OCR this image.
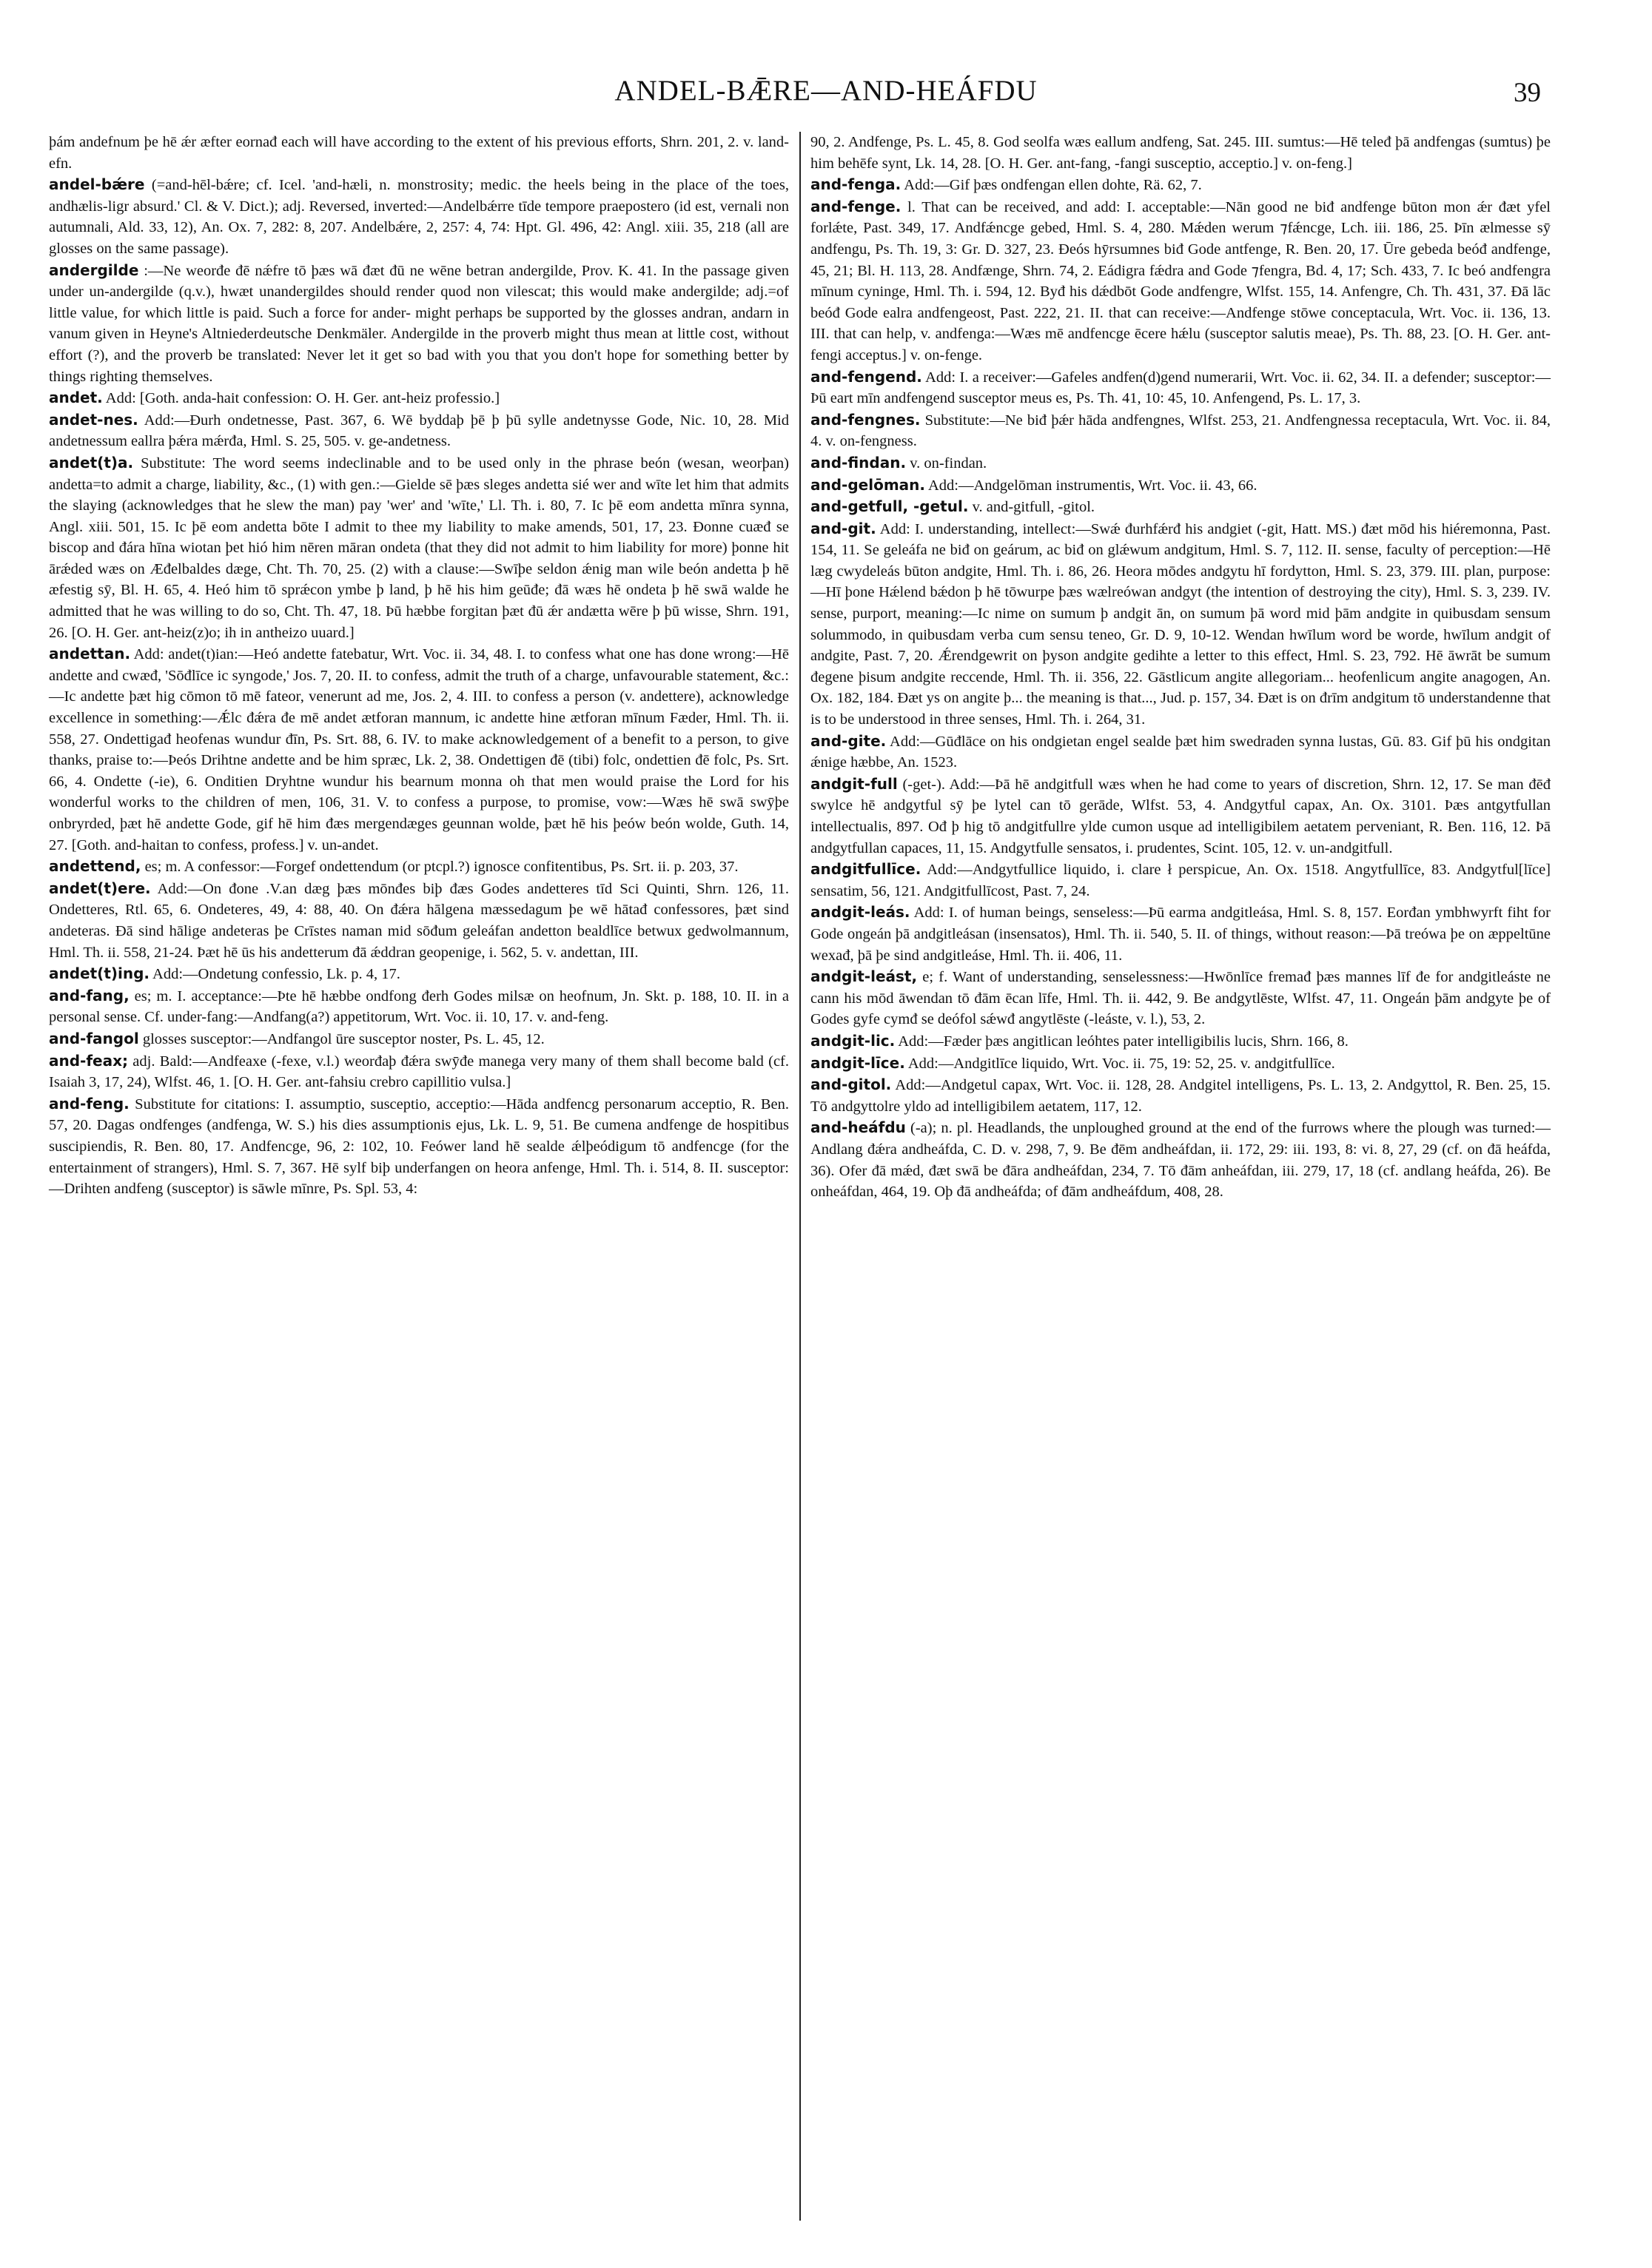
ANDEL-BǢRE—AND-HEÁFDU	39

þám andefnum þe hē ǽr æfter eornađ each will have according to the extent of his previous efforts, Shrn. 201, 2. v. land-efn.

andel-bǽre (=and-hēl-bǽre; cf. Icel. 'and-hæli, n. monstrosity; medic. the heels being in the place of the toes, andhælis-ligr absurd.' Cl. & V. Dict.); adj. Reversed, inverted:—Andelbǽrre tīde tempore praepostero (id est, vernali non autumnali, Ald. 33, 12), An. Ox. 7, 282: 8, 207. Andelbǽre, 2, 257: 4, 74: Hpt. Gl. 496, 42: Angl. xiii. 35, 218 (all are glosses on the same passage).

andergilde :—Ne weorđe đē nǽfre tō þæs wā đæt đū ne wēne betran andergilde, Prov. K. 41. In the passage given under un-andergilde (q.v.), hwæt unandergildes should render quod non vilescat; this would make andergilde; adj.=of little value, for which little is paid. Such a force for ander- might perhaps be supported by the glosses andran, andarn in vanum given in Heyne's Altniederdeutsche Denkmäler. Andergilde in the proverb might thus mean at little cost, without effort (?), and the proverb be translated: Never let it get so bad with you that you don't hope for something better by things righting themselves.

andet. Add: [Goth. anda-hait confession: O. H. Ger. ant-heiz professio.]

andet-nes. Add:—Đurh ondetnesse, Past. 367, 6. Wē byddaþ þē þ þū sylle andetnysse Gode, Nic. 10, 28. Mid andetnessum eallra þǽra mǽrđa, Hml. S. 25, 505. v. ge-andetness.

andet(t)a. Substitute: The word seems indeclinable and to be used only in the phrase beón (wesan, weorþan) andetta=to admit a charge, liability, &c., (1) with gen.:—Gielde sē þæs sleges andetta sié wer and wīte let him that admits the slaying (acknowledges that he slew the man) pay 'wer' and 'wīte,' Ll. Th. i. 80, 7. Ic þē eom andetta mīnra synna, Angl. xiii. 501, 15. Ic þē eom andetta bōte I admit to thee my liability to make amends, 501, 17, 23. Đonne cuæđ se biscop and đára hīna wiotan þet hió him nēren māran ondeta (that they did not admit to him liability for more) þonne hit ārǽded wæs on Æđelbaldes dæge, Cht. Th. 70, 25. (2) with a clause:—Swīþe seldon ǽnig man wile beón andetta þ hē æfestig sȳ, Bl. H. 65, 4. Heó him tō sprǽcon ymbe þ land, þ hē his him geūđe; đā wæs hē ondeta þ hē swā walde he admitted that he was willing to do so, Cht. Th. 47, 18. Þū hæbbe forgitan þæt đū ǽr andætta wēre þ þū wisse, Shrn. 191, 26. [O. H. Ger. ant-heiz(z)o; ih in antheizo uuard.]

andettan. Add: andet(t)ian:—Heó andette fatebatur, Wrt. Voc. ii. 34, 48. I. to confess what one has done wrong:—Hē andette and cwæđ, 'Sōđlīce ic syngode,' Jos. 7, 20. II. to confess, admit the truth of a charge, unfavourable statement, &c.:—Ic andette þæt hig cōmon tō mē fateor, venerunt ad me, Jos. 2, 4. III. to confess a person (v. andettere), acknowledge excellence in something:—Ǽlc đǽra đe mē andet ætforan mannum, ic andette hine ætforan mīnum Fæder, Hml. Th. ii. 558, 27. Ondettigađ heofenas wundur đīn, Ps. Srt. 88, 6. IV. to make acknowledgement of a benefit to a person, to give thanks, praise to:—Þeós Drihtne andette and be him spræc, Lk. 2, 38. Ondettigen đē (tibi) folc, ondettien đē folc, Ps. Srt. 66, 4. Ondette (-ie), 6. Onditien Dryhtne wundur his bearnum monna oh that men would praise the Lord for his wonderful works to the children of men, 106, 31. V. to confess a purpose, to promise, vow:—Wæs hē swā swȳþe onbryrded, þæt hē andette Gode, gif hē him đæs mergendæges geunnan wolde, þæt hē his þeów beón wolde, Guth. 14, 27. [Goth. and-haitan to confess, profess.] v. un-andet.

andettend, es; m. A confessor:—Forgef ondettendum (or ptcpl.?) ignosce confitentibus, Ps. Srt. ii. p. 203, 37.

andet(t)ere. Add:—On đone .V.an dæg þæs mōnđes biþ đæs Godes andetteres tīd Sci Quinti, Shrn. 126, 11. Ondetteres, Rtl. 65, 6. Ondeteres, 49, 4: 88, 40. On đǽra hālgena mæssedagum þe wē hātađ confessores, þæt sind andeteras. Đā sind hālige andeteras þe Crīstes naman mid sōđum geleáfan andetton bealdlīce betwux gedwolmannum, Hml. Th. ii. 558, 21-24. Þæt hē ūs his andetterum đā ǽddran geopenige, i. 562, 5. v. andettan, III.

andet(t)ing. Add:—Ondetung confessio, Lk. p. 4, 17.

and-fang, es; m. I. acceptance:—Þte hē hæbbe ondfong đerh Godes milsæ on heofnum, Jn. Skt. p. 188, 10. II. in a personal sense. Cf. under-fang:—Andfang(a?) appetitorum, Wrt. Voc. ii. 10, 17. v. and-feng.

and-fangol glosses susceptor:—Andfangol ūre susceptor noster, Ps. L. 45, 12.

and-feax; adj. Bald:—Andfeaxe (-fexe, v.l.) weorđaþ đǽra swȳđe manega very many of them shall become bald (cf. Isaiah 3, 17, 24), Wlfst. 46, 1. [O. H. Ger. ant-fahsiu crebro capillitio vulsa.]

and-feng. Substitute for citations: I. assumptio, susceptio, acceptio:—Hāda andfencg personarum acceptio, R. Ben. 57, 20. Dagas ondfenges (andfenga, W. S.) his dies assumptionis ejus, Lk. L. 9, 51. Be cumena andfenge de hospitibus suscipiendis, R. Ben. 80, 17. Andfencge, 96, 2: 102, 10. Feówer land hē sealde ǽlþeódigum tō andfencge (for the entertainment of strangers), Hml. S. 7, 367. Hē sylf biþ underfangen on heora anfenge, Hml. Th. i. 514, 8. II. susceptor:—Drihten andfeng (susceptor) is sāwle mīnre, Ps. Spl. 53, 4:

90, 2. Andfenge, Ps. L. 45, 8. God seolfa wæs eallum andfeng, Sat. 245. III. sumtus:—Hē teleđ þā andfengas (sumtus) þe him behēfe synt, Lk. 14, 28. [O. H. Ger. ant-fang, -fangi susceptio, acceptio.] v. on-feng.]

and-fenga. Add:—Gif þæs ondfengan ellen dohte, Rä. 62, 7.

and-fenge. l. That can be received, and add: I. acceptable:—Nān good ne biđ andfenge būton mon ǽr đæt yfel forlǽte, Past. 349, 17. Andfǽncge gebed, Hml. S. 4, 280. Mǽden werum ⁊fǽncge, Lch. iii. 186, 25. Þīn ælmesse sȳ andfengu, Ps. Th. 19, 3: Gr. D. 327, 23. Đeós hȳrsumnes biđ Gode antfenge, R. Ben. 20, 17. Ūre gebeda beóđ andfenge, 45, 21; Bl. H. 113, 28. Andfænge, Shrn. 74, 2. Eádigra fǽdra and Gode ⁊fengra, Bd. 4, 17; Sch. 433, 7. Ic beó andfengra mīnum cyninge, Hml. Th. i. 594, 12. Byđ his dǽdbōt Gode andfengre, Wlfst. 155, 14. Anfengre, Ch. Th. 431, 37. Đā lāc beóđ Gode ealra andfengeost, Past. 222, 21. II. that can receive:—Andfenge stōwe conceptacula, Wrt. Voc. ii. 136, 13. III. that can help, v. andfenga:—Wæs mē andfencge ēcere hǽlu (susceptor salutis meae), Ps. Th. 88, 23. [O. H. Ger. ant-fengi acceptus.] v. on-fenge.

and-fengend. Add: I. a receiver:—Gafeles andfen(d)gend numerarii, Wrt. Voc. ii. 62, 34. II. a defender; susceptor:—Þū eart mīn andfengend susceptor meus es, Ps. Th. 41, 10: 45, 10. Anfengend, Ps. L. 17, 3.

and-fengnes. Substitute:—Ne biđ þǽr hāda andfengnes, Wlfst. 253, 21. Andfengnessa receptacula, Wrt. Voc. ii. 84, 4. v. on-fengness.

and-findan. v. on-findan.

and-gelōman. Add:—Andgelōman instrumentis, Wrt. Voc. ii. 43, 66.

and-getfull, -getul. v. and-gitfull, -gitol.

and-git. Add: I. understanding, intellect:—Swǽ đurhfǽrđ his andgiet (-git, Hatt. MS.) đæt mōd his hiéremonna, Past. 154, 11. Se geleáfa ne biđ on geárum, ac biđ on glǽwum andgitum, Hml. S. 7, 112. II. sense, faculty of perception:—Hē læg cwydeleás būton andgite, Hml. Th. i. 86, 26. Heora mōdes andgytu hī fordytton, Hml. S. 23, 379. III. plan, purpose:—Hī þone Hǽlend bǽdon þ hē tōwurpe þæs wælreówan andgyt (the intention of destroying the city), Hml. S. 3, 239. IV. sense, purport, meaning:—Ic nime on sumum þ andgit ān, on sumum þā word mid þām andgite in quibusdam sensum solummodo, in quibusdam verba cum sensu teneo, Gr. D. 9, 10-12. Wendan hwīlum word be worde, hwīlum andgit of andgite, Past. 7, 20. Ǽrendgewrit on þyson andgite gedihte a letter to this effect, Hml. S. 23, 792. Hē āwrāt be sumum đegene þisum andgite reccende, Hml. Th. ii. 356, 22. Gāstlicum angite allegoriam... heofenlicum angite anagogen, An. Ox. 182, 184. Đæt ys on angite þ... the meaning is that..., Jud. p. 157, 34. Đæt is on đrīm andgitum tō understandenne that is to be understood in three senses, Hml. Th. i. 264, 31.

and-gite. Add:—Gūđlāce on his ondgietan engel sealde þæt him swedraden synna lustas, Gū. 83. Gif þū his ondgitan ǽnige hæbbe, An. 1523.

andgit-full (-get-). Add:—Þā hē andgitfull wæs when he had come to years of discretion, Shrn. 12, 17. Se man đēđ swylce hē andgytful sȳ þe lytel can tō gerāde, Wlfst. 53, 4. Andgytful capax, An. Ox. 3101. Þæs antgytfullan intellectualis, 897. Ođ þ hig tō andgitfullre ylde cumon usque ad intelligibilem aetatem perveniant, R. Ben. 116, 12. Þā andgytfullan capaces, 11, 15. Andgytfulle sensatos, i. prudentes, Scint. 105, 12. v. un-andgitfull.

andgitfullīce. Add:—Andgytfullice liquido, i. clare ł perspicue, An. Ox. 1518. Angytfullīce, 83. Andgytful[līce] sensatim, 56, 121. Andgitfullīcost, Past. 7, 24.

andgit-leás. Add: I. of human beings, senseless:—Þū earma andgitleása, Hml. S. 8, 157. Eorđan ymbhwyrft fiht for Gode ongeán þā andgitleásan (insensatos), Hml. Th. ii. 540, 5. II. of things, without reason:—Þā treówa þe on æppeltūne wexađ, þā þe sind andgitleáse, Hml. Th. ii. 406, 11.

andgit-leást, e; f. Want of understanding, senselessness:—Hwōnlīce fremađ þæs mannes līf đe for andgitleáste ne cann his mōd āwendan tō đām ēcan līfe, Hml. Th. ii. 442, 9. Be andgytlēste, Wlfst. 47, 11. Ongeán þām andgyte þe of Godes gyfe cymđ se deófol sǽwđ angytlēste (-leáste, v. l.), 53, 2.

andgit-lic. Add:—Fæder þæs angitlican leóhtes pater intelligibilis lucis, Shrn. 166, 8.

andgit-līce. Add:—Andgitlīce liquido, Wrt. Voc. ii. 75, 19: 52, 25. v. andgitfullīce.

and-gitol. Add:—Andgetul capax, Wrt. Voc. ii. 128, 28. Andgitel intelligens, Ps. L. 13, 2. Andgyttol, R. Ben. 25, 15. Tō andgyttolre yldo ad intelligibilem aetatem, 117, 12.

and-heáfdu (-a); n. pl. Headlands, the unploughed ground at the end of the furrows where the plough was turned:—Andlang đǽra andheáfda, C. D. v. 298, 7, 9. Be đēm andheáfdan, ii. 172, 29: iii. 193, 8: vi. 8, 27, 29 (cf. on đā heáfda, 36). Ofer đā mǽd, đæt swā be đāra andheáfdan, 234, 7. Tō đām anheáfdan, iii. 279, 17, 18 (cf. andlang heáfda, 26). Be onheáfdan, 464, 19. Oþ đā andheáfda; of đām andheáfdum, 408, 28.
